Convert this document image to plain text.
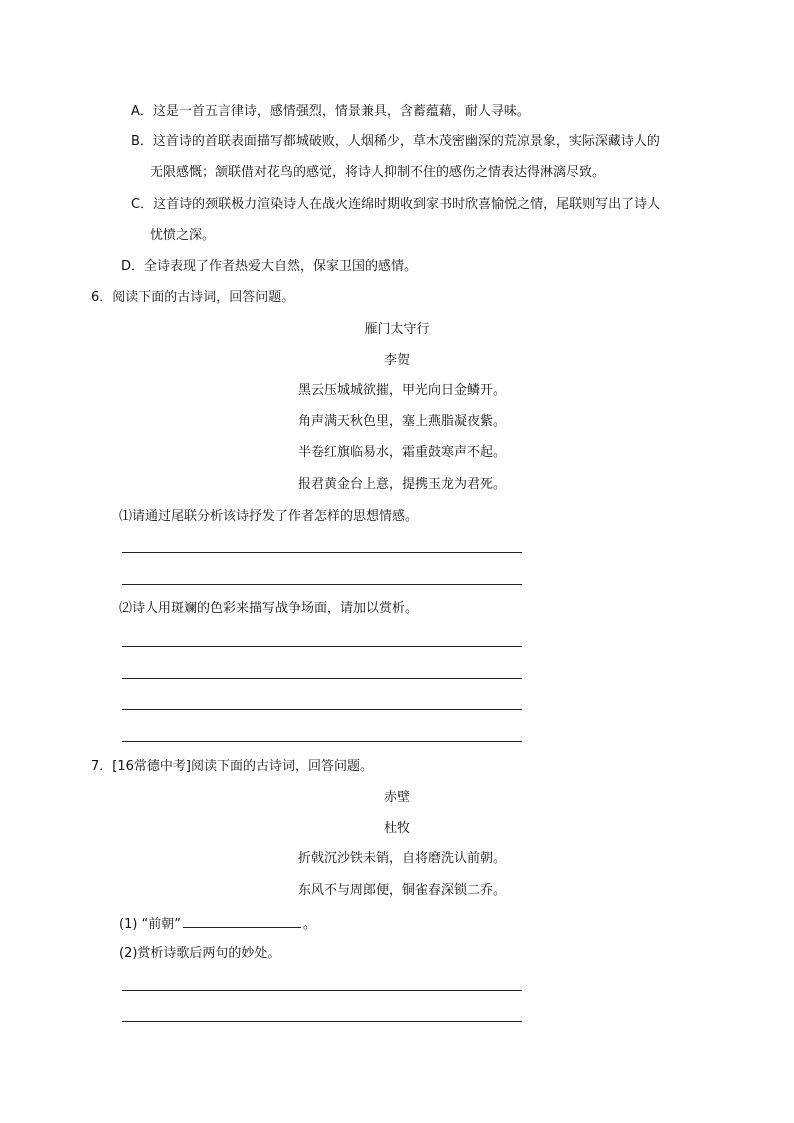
A．这是一首五言律诗，感情强烈，情景兼具，含蓄蕴藉，耐人寻味。
B．这首诗的首联表面描写都城破败，人烟稀少，草木茂密幽深的荒凉景象，实际深藏诗人的
无限感慨；颔联借对花鸟的感觉，将诗人抑制不住的感伤之情表达得淋漓尽致。
C．这首诗的颈联极力渲染诗人在战火连绵时期收到家书时欣喜愉悦之情，尾联则写出了诗人
忧愤之深。
D．全诗表现了作者热爱大自然，保家卫国的感情。
6．阅读下面的古诗词，回答问题。
雁门太守行
李贺
黑云压城城欲摧，甲光向日金鳞开。
角声满天秋色里，塞上燕脂凝夜紫。
半卷红旗临易水，霜重鼓寒声不起。
报君黄金台上意，提携玉龙为君死。
⑴请通过尾联分析该诗抒发了作者怎样的思想情感。
⑵诗人用斑斓的色彩来描写战争场面，请加以赏析。
7．[16常德中考]阅读下面的古诗词，回答问题。
赤壁
杜牧
折戟沉沙铁未销，自将磨洗认前朝。
东风不与周郎便，铜雀春深锁二乔。
(1) “前朝”	。
(2)赏析诗歌后两句的妙处。
